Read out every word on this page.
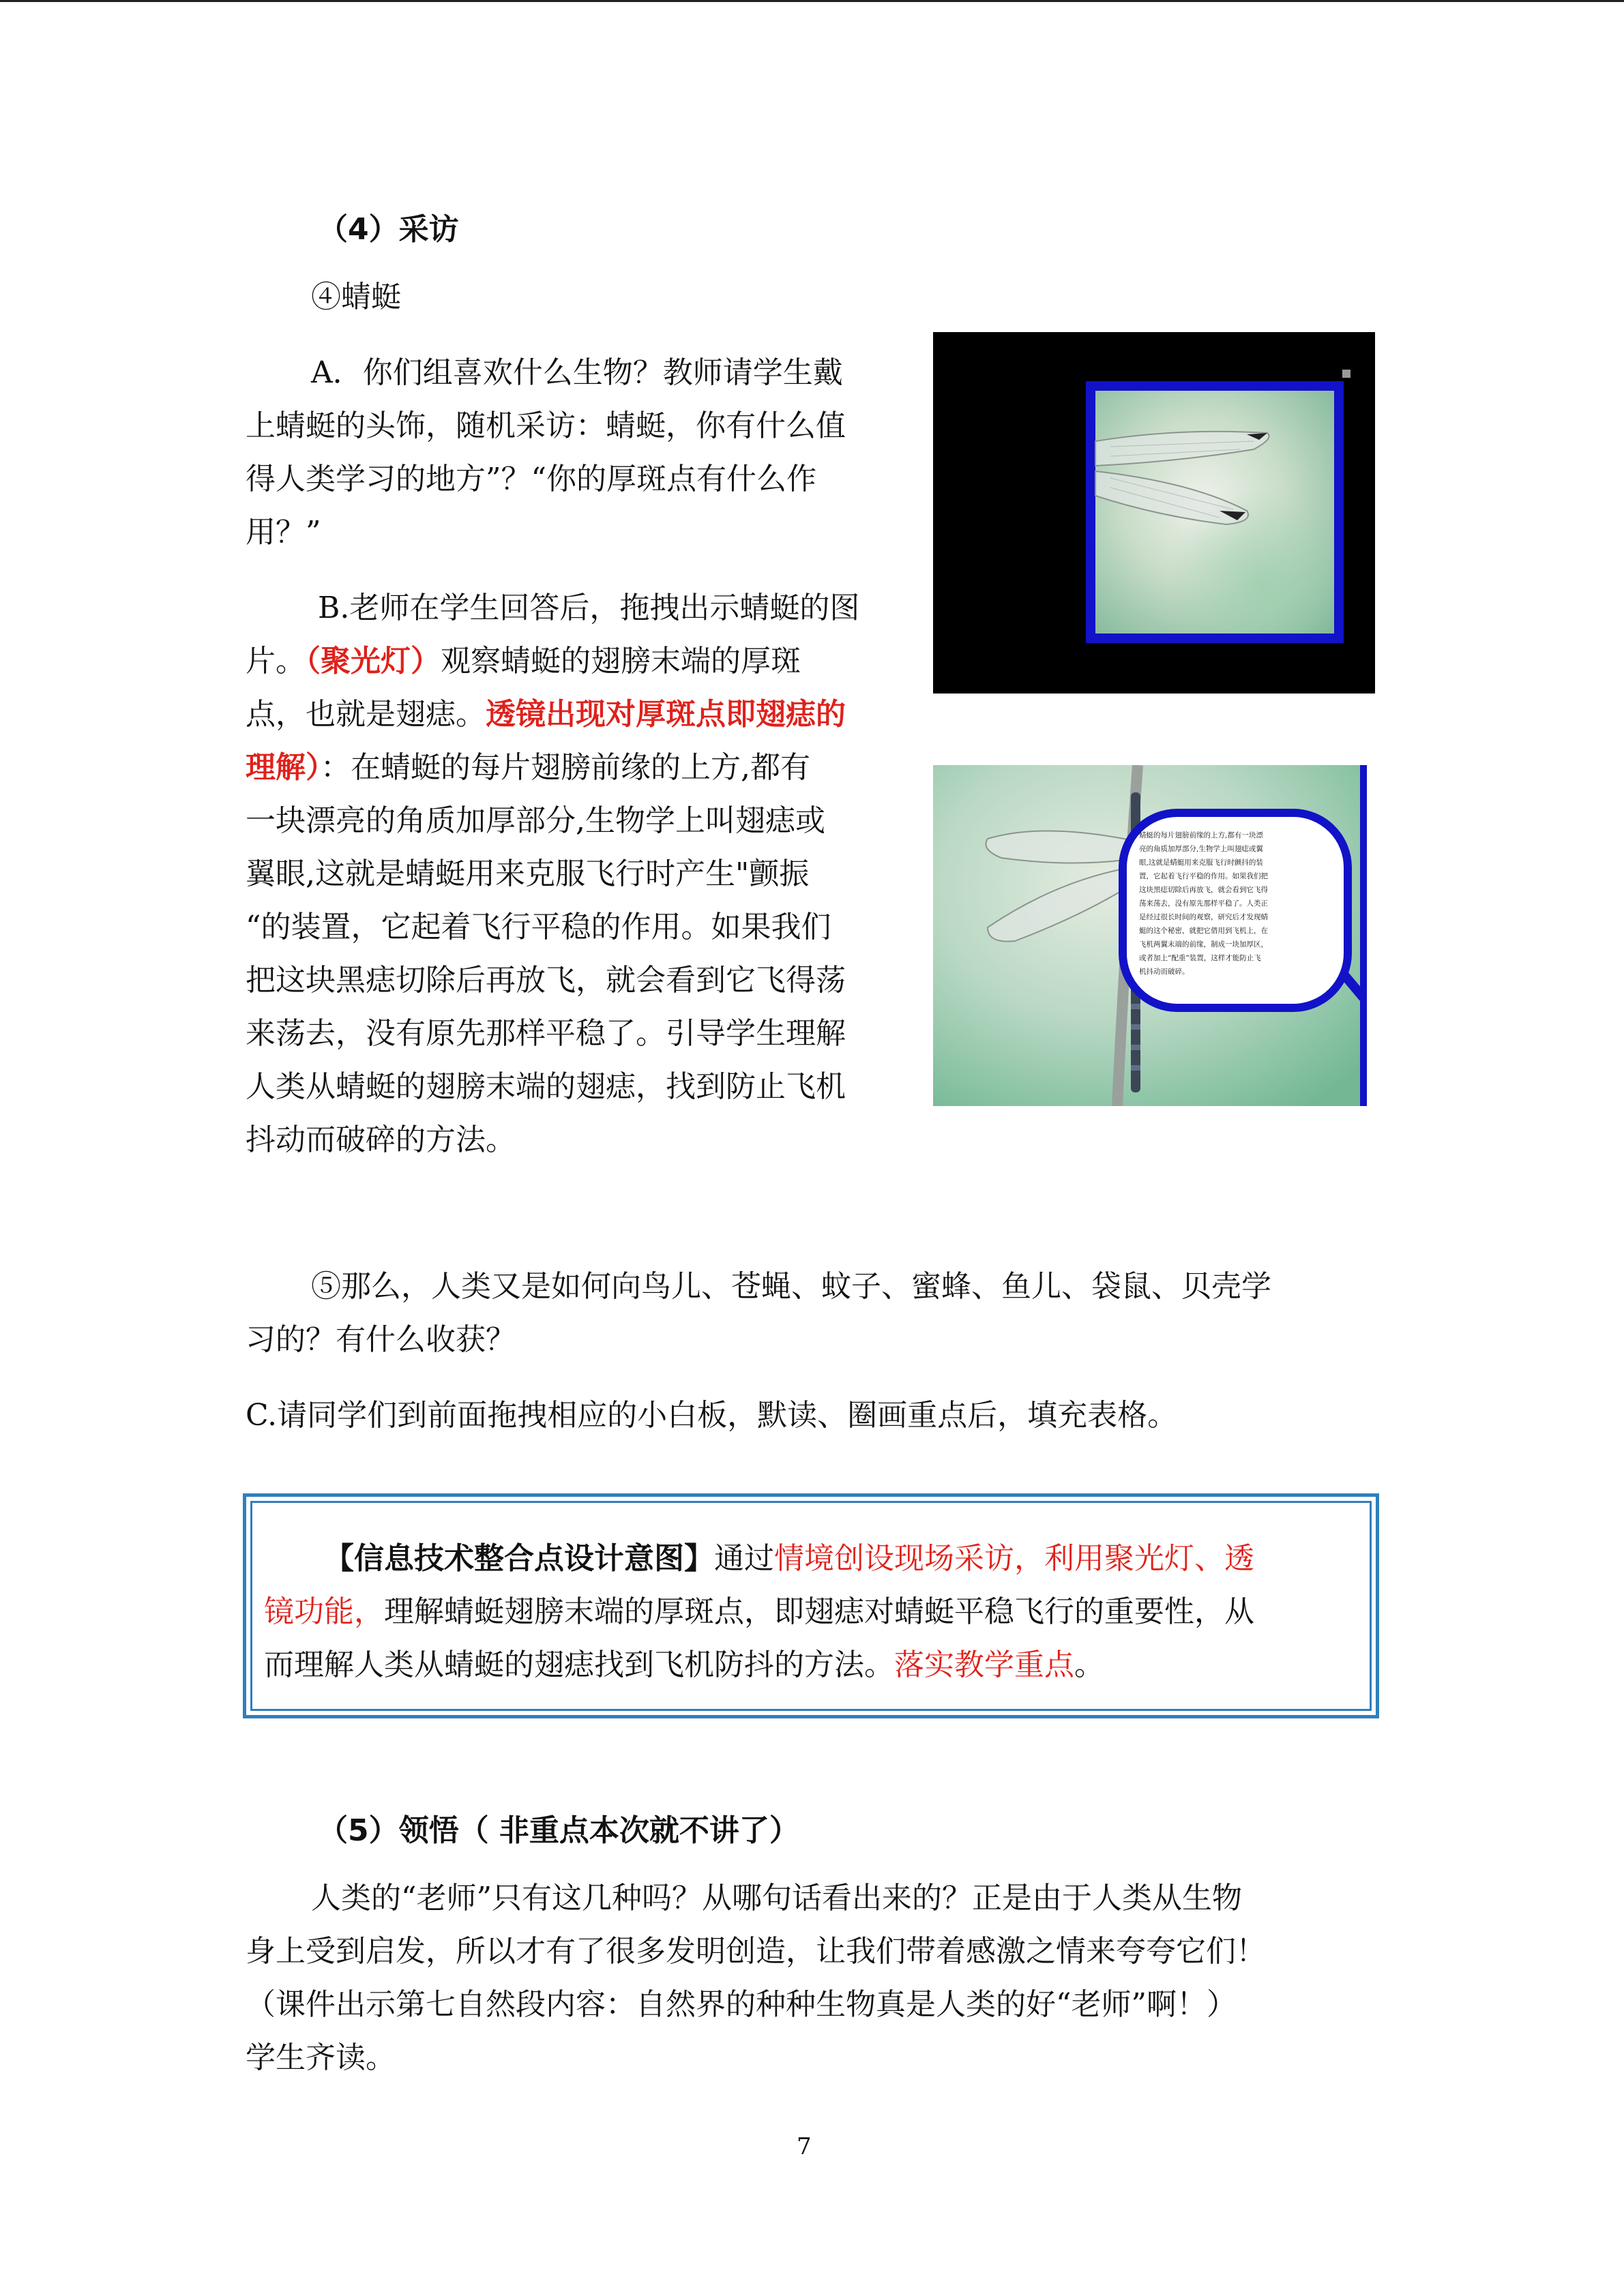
（4）采访
④蜻蜓
A．你们组喜欢什么生物？教师请学生戴
上蜻蜓的头饰，随机采访：蜻蜓，你有什么值
得人类学习的地方”？“你的厚斑点有什么作
用？”
B.老师在学生回答后，拖拽出示蜻蜓的图
片。（聚光灯）观察蜻蜓的翅膀末端的厚斑
点，也就是翅痣。透镜出现对厚斑点即翅痣的
理解）：在蜻蜓的每片翅膀前缘的上方,都有
一块漂亮的角质加厚部分,生物学上叫翅痣或
翼眼,这就是蜻蜓用来克服飞行时产生"颤振
“的装置，它起着飞行平稳的作用。如果我们
把这块黑痣切除后再放飞，就会看到它飞得荡
来荡去，没有原先那样平稳了。引导学生理解
人类从蜻蜓的翅膀末端的翅痣，找到防止飞机
抖动而破碎的方法。
蜻蜓的每片翅膀前缘的上方,都有一块漂 亮的角质加厚部分,生物学上叫翅痣或翼 眼,这就是蜻蜓用来克服飞行时颤抖的装 置，它起着飞行平稳的作用。如果我们把 这块黑痣切除后再放飞，就会看到它飞得 荡来荡去，没有原先那样平稳了。人类正 是经过很长时间的观察，研究后才发现蜻 蜓的这个秘密，就把它借用到飞机上，在 飞机两翼末端的前缘，制成一块加厚区， 或者加上“配重”装置，这样才能防止飞 机抖动而破碎。
⑤那么，人类又是如何向鸟儿、苍蝇、蚊子、蜜蜂、鱼儿、袋鼠、贝壳学
习的？有什么收获？
C.请同学们到前面拖拽相应的小白板，默读、圈画重点后，填充表格。
【信息技术整合点设计意图】通过情境创设现场采访，利用聚光灯、透
镜功能，理解蜻蜓翅膀末端的厚斑点，即翅痣对蜻蜓平稳飞行的重要性，从
而理解人类从蜻蜓的翅痣找到飞机防抖的方法。落实教学重点。
（5）领悟（ 非重点本次就不讲了）
人类的“老师”只有这几种吗？从哪句话看出来的？正是由于人类从生物
身上受到启发，所以才有了很多发明创造，让我们带着感激之情来夸夸它们！
（课件出示第七自然段内容：自然界的种种生物真是人类的好“老师”啊！）
学生齐读。
7
